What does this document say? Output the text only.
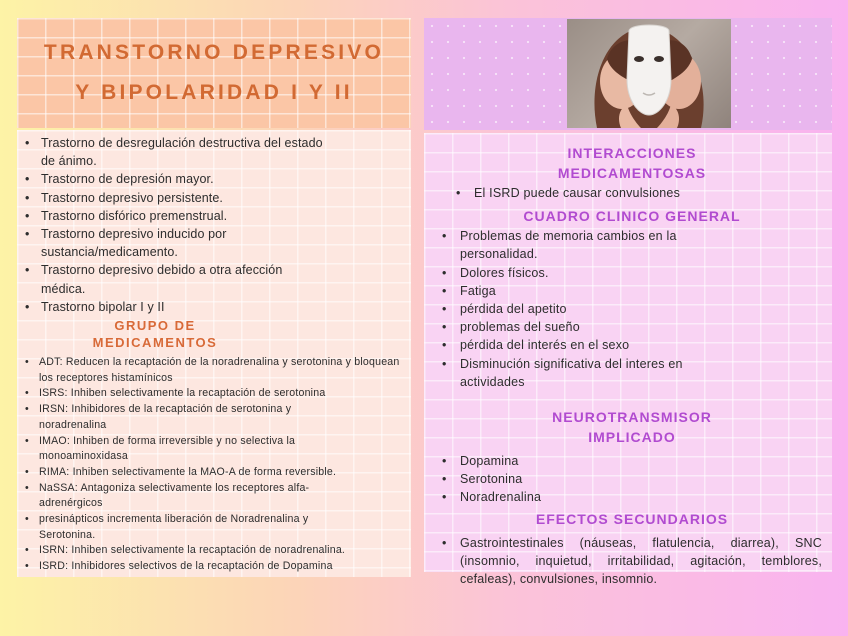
TRANSTORNO DEPRESIVO
Y BIPOLARIDAD I Y II
• Trastorno de desregulación destructiva del estado de ánimo.
• Trastorno de depresión mayor.
• Trastorno depresivo persistente.
• Trastorno disfórico premenstrual.
• Trastorno depresivo inducido por sustancia/medicamento.
• Trastorno depresivo debido a otra afección médica.
• Trastorno bipolar I y II
GRUPO DE
MEDICAMENTOS
• ADT: Reducen la recaptación de la noradrenalina y serotonina y bloquean los receptores histamínicos
• ISRS: Inhiben selectivamente la recaptación de serotonina
• IRSN: Inhibidores de la recaptación de serotonina y noradrenalina
• IMAO: Inhiben de forma irreversible y no selectiva la monoaminoxidasa
• RIMA: Inhiben selectivamente la MAO-A de forma reversible.
• NaSSA: Antagoniza selectivamente los receptores alfa-adrenérgicos
• presinápticos incrementa liberación de Noradrenalina y Serotonina.
• ISRN: Inhiben selectivamente la recaptación de noradrenalina.
• ISRD: Inhibidores selectivos de la recaptación de Dopamina
INTERACCIONES
MEDICAMENTOSAS
• El ISRD puede causar convulsiones
CUADRO CLINICO GENERAL
• Problemas de memoria cambios en la personalidad.
• Dolores físicos.
• Fatiga
• pérdida del apetito
• problemas del sueño
• pérdida del interés en el sexo
• Disminución significativa del interes en actividades
NEUROTRANSMISOR
IMPLICADO
• Dopamina
• Serotonina
• Noradrenalina
EFECTOS SECUNDARIOS
• Gastrointestinales (náuseas, flatulencia, diarrea), SNC (insomnio, inquietud, irritabilidad, agitación, temblores, cefaleas), convulsiones, insomnio.
